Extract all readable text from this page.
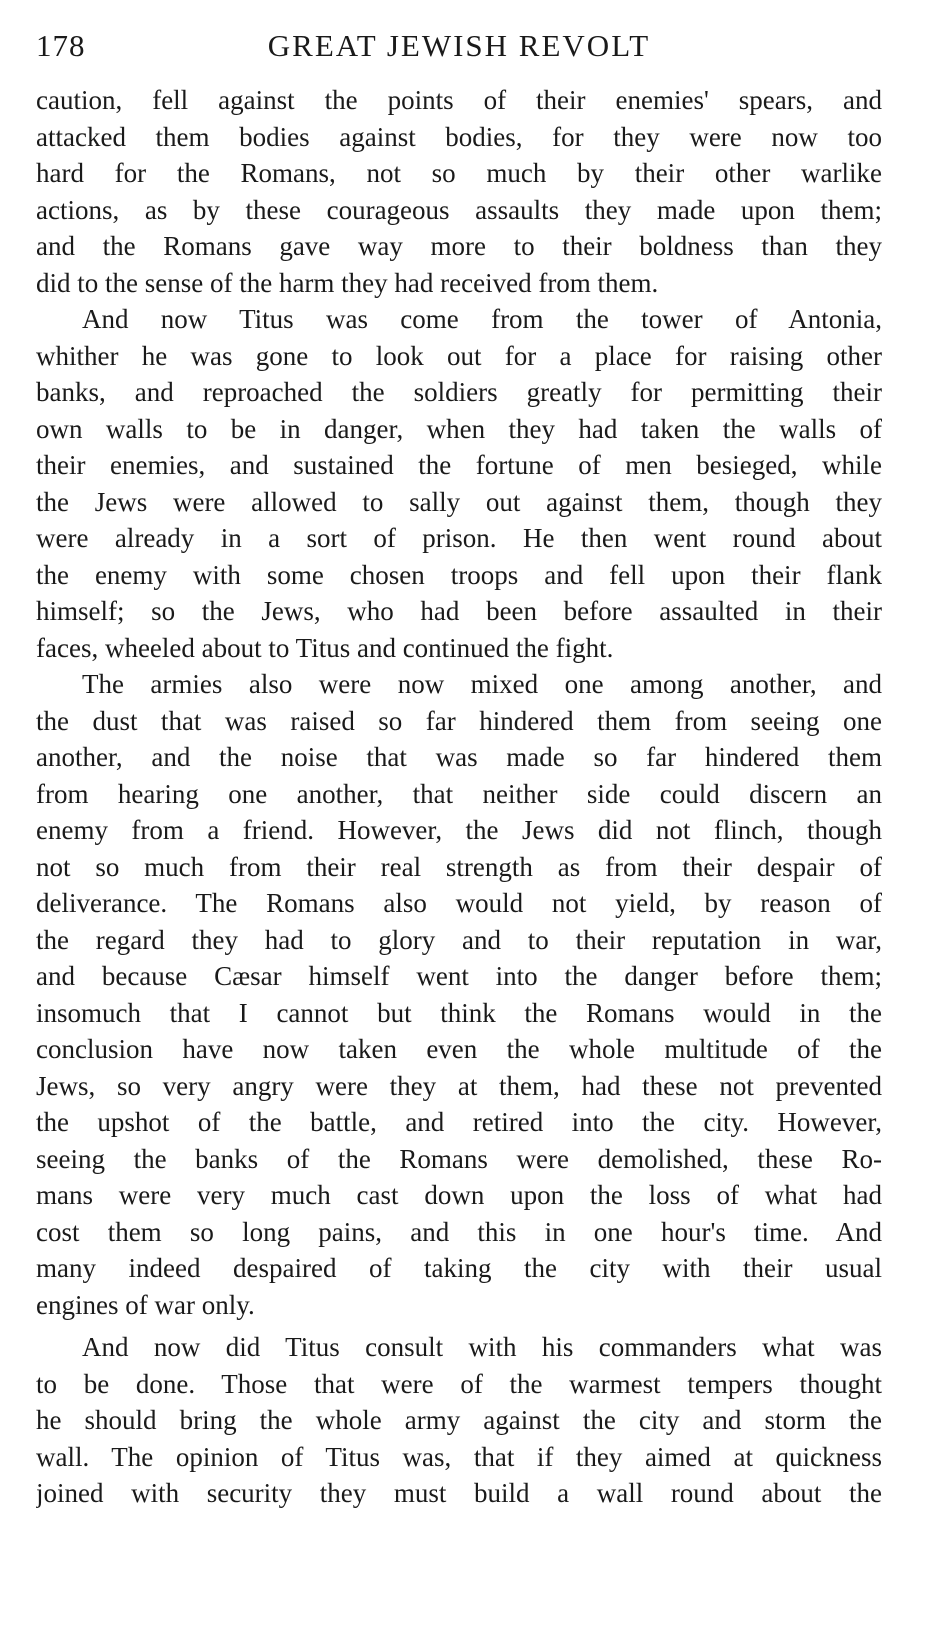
178	GREAT JEWISH REVOLT
caution, fell against the points of their enemies' spears, and
attacked them bodies against bodies, for they were now too
hard for the Romans, not so much by their other warlike
actions, as by these courageous assaults they made upon them;
and the Romans gave way more to their boldness than they
did to the sense of the harm they had received from them.
And now Titus was come from the tower of Antonia,
whither he was gone to look out for a place for raising other
banks, and reproached the soldiers greatly for permitting their
own walls to be in danger, when they had taken the walls of
their enemies, and sustained the fortune of men besieged, while
the Jews were allowed to sally out against them, though they
were already in a sort of prison. He then went round about
the enemy with some chosen troops and fell upon their flank
himself; so the Jews, who had been before assaulted in their
faces, wheeled about to Titus and continued the fight.
The armies also were now mixed one among another, and
the dust that was raised so far hindered them from seeing one
another, and the noise that was made so far hindered them
from hearing one another, that neither side could discern an
enemy from a friend. However, the Jews did not flinch, though
not so much from their real strength as from their despair of
deliverance. The Romans also would not yield, by reason of
the regard they had to glory and to their reputation in war,
and because Cæsar himself went into the danger before them;
insomuch that I cannot but think the Romans would in the
conclusion have now taken even the whole multitude of the
Jews, so very angry were they at them, had these not prevented
the upshot of the battle, and retired into the city. However,
seeing the banks of the Romans were demolished, these Ro-
mans were very much cast down upon the loss of what had
cost them so long pains, and this in one hour's time. And
many indeed despaired of taking the city with their usual
engines of war only.
And now did Titus consult with his commanders what was
to be done. Those that were of the warmest tempers thought
he should bring the whole army against the city and storm the
wall. The opinion of Titus was, that if they aimed at quickness
joined with security they must build a wall round about the
